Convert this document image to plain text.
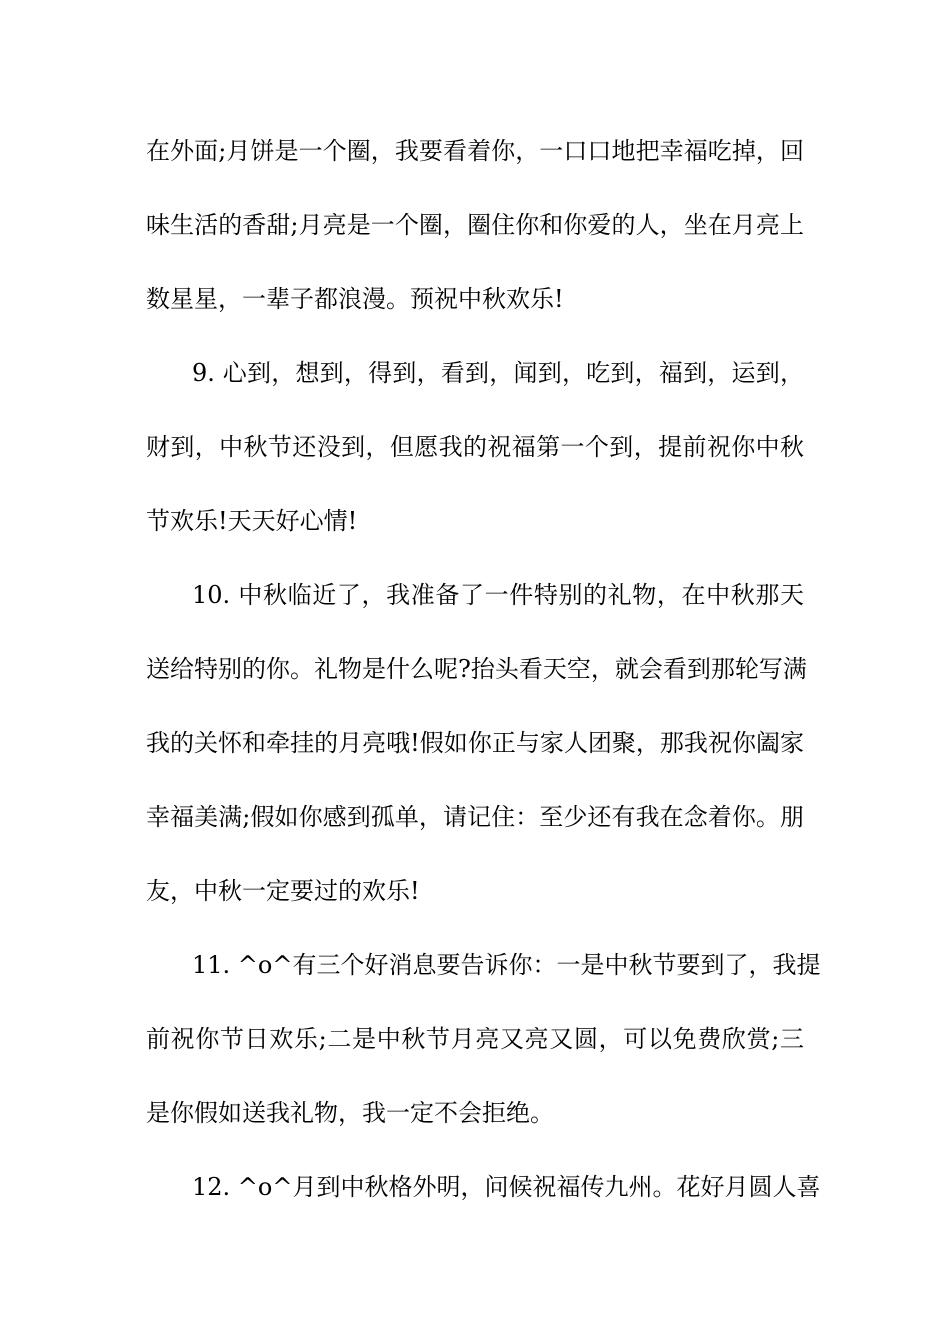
在外面;月饼是一个圈，我要看着你，一口口地把幸福吃掉，回
味生活的香甜;月亮是一个圈，圈住你和你爱的人，坐在月亮上
数星星，一辈子都浪漫。预祝中秋欢乐!
9. 心到，想到，得到，看到，闻到，吃到，福到，运到，
财到，中秋节还没到，但愿我的祝福第一个到，提前祝你中秋
节欢乐!天天好心情!
10. 中秋临近了，我准备了一件特别的礼物，在中秋那天
送给特别的你。礼物是什么呢?抬头看天空，就会看到那轮写满
我的关怀和牵挂的月亮哦!假如你正与家人团聚，那我祝你阖家
幸福美满;假如你感到孤单，请记住：至少还有我在念着你。朋
友，中秋一定要过的欢乐!
11. ^o^有三个好消息要告诉你：一是中秋节要到了，我提
前祝你节日欢乐;二是中秋节月亮又亮又圆，可以免费欣赏;三
是你假如送我礼物，我一定不会拒绝。
12. ^o^月到中秋格外明，问候祝福传九州。花好月圆人喜
